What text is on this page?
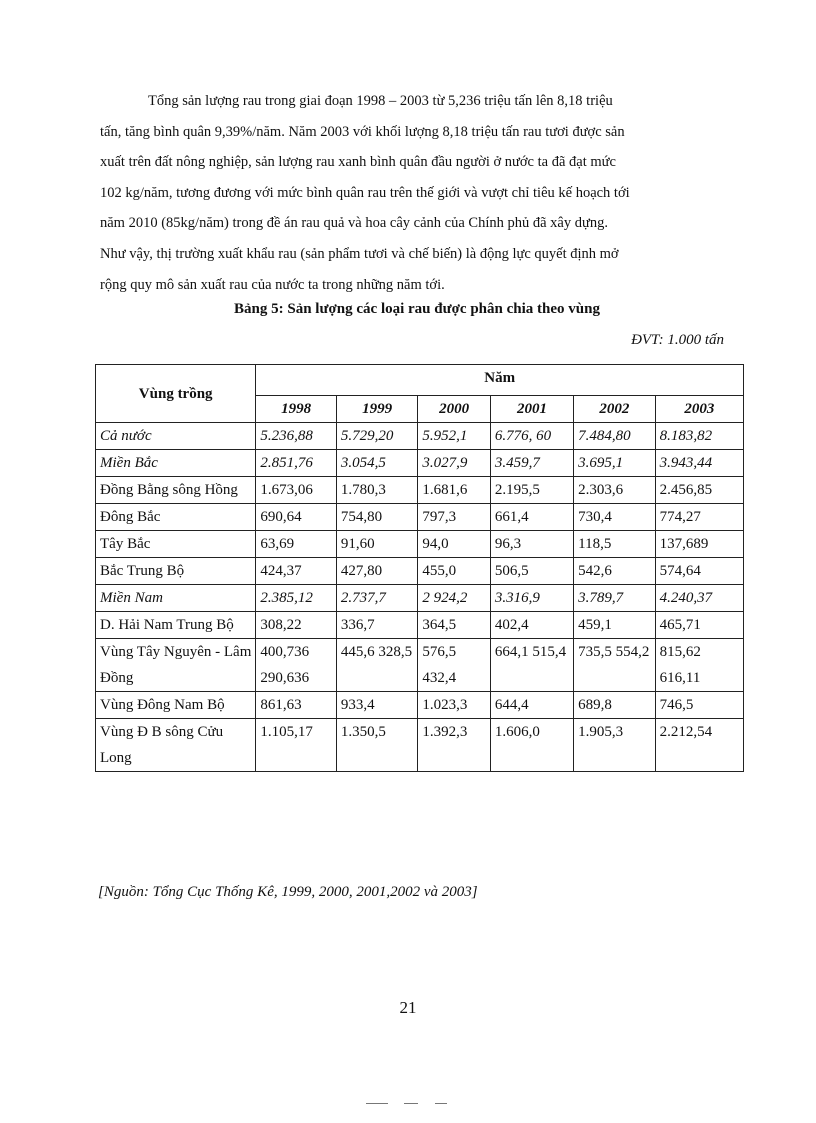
Tổng sản lượng rau trong giai đoạn 1998 – 2003 từ 5,236 triệu tấn lên 8,18 triệu
tấn, tăng bình quân 9,39%/năm. Năm 2003 với khối lượng 8,18 triệu tấn rau tươi được sản
xuất trên đất nông nghiệp, sản lượng rau xanh bình quân đầu người ở nước ta đã đạt mức
102 kg/năm, tương đương với mức bình quân rau trên thế giới và vượt chỉ tiêu kế hoạch tới
năm 2010 (85kg/năm) trong đề án rau quả và hoa cây cảnh của Chính phủ đã xây dựng.
Như vậy, thị trường xuất khẩu rau (sản phẩm tươi và chế biến) là động lực quyết định mở
rộng quy mô sản xuất rau của nước ta trong những năm tới.
Bảng 5: Sản lượng các loại rau được phân chia theo vùng
ĐVT: 1.000 tấn
Vùng trồng	Năm					
	1998	1999	2000	2001	2002	2003
Cả nước	5.236,88	5.729,20	5.952,1	6.776, 60	7.484,80	8.183,82
Miền Bắc	2.851,76	3.054,5	3.027,9	3.459,7	3.695,1	3.943,44
Đồng Bằng sông Hồng	1.673,06	1.780,3	1.681,6	2.195,5	2.303,6	2.456,85
Đông Bắc	690,64	754,80	797,3	661,4	730,4	774,27
Tây Bắc	63,69	91,60	94,0	96,3	118,5	137,689
Bắc Trung Bộ	424,37	427,80	455,0	506,5	542,6	574,64
Miền Nam	2.385,12	2.737,7	2 924,2	3.316,9	3.789,7	4.240,37
D. Hải Nam Trung Bộ	308,22	336,7	364,5	402,4	459,1	465,71
Vùng Tây Nguyên - Lâm Đồng	400,736 290,636	445,6 328,5	576,5 432,4	664,1 515,4	735,5 554,2	815,62 616,11
Vùng Đông Nam Bộ	861,63	933,4	1.023,3	644,4	689,8	746,5
Vùng Đ B sông Cửu Long	1.105,17	1.350,5	1.392,3	1.606,0	1.905,3	2.212,54
[Nguồn: Tổng Cục Thống Kê, 1999, 2000, 2001,2002 và 2003]
21
